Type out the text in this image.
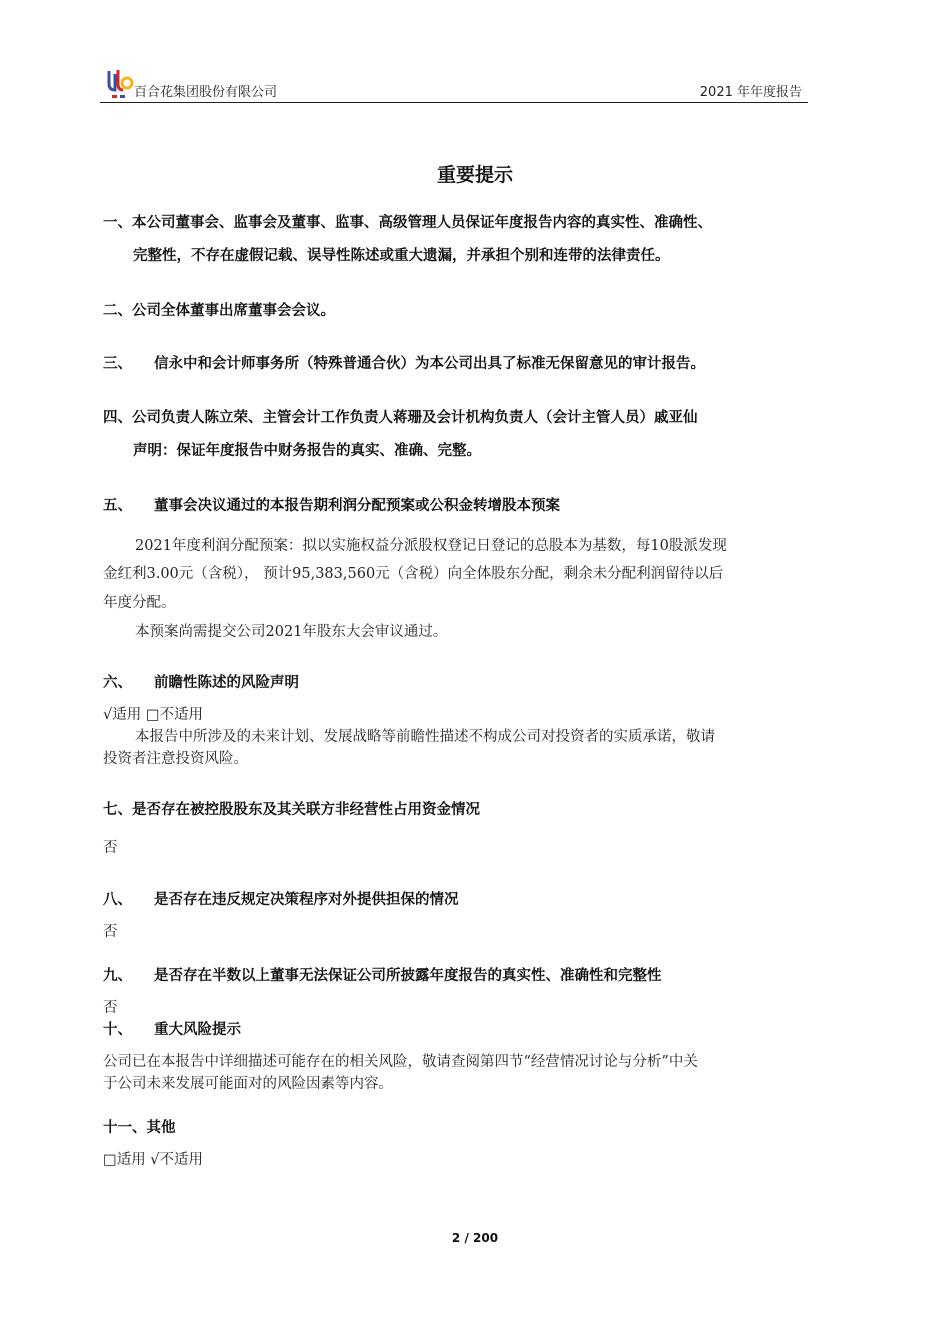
百合花集团股份有限公司	2021 年年度报告
重要提示
一、本公司董事会、监事会及董事、监事、高级管理人员保证年度报告内容的真实性、准确性、
完整性，不存在虚假记载、误导性陈述或重大遗漏，并承担个别和连带的法律责任。
二、公司全体董事出席董事会会议。
三、 信永中和会计师事务所（特殊普通合伙）为本公司出具了标准无保留意见的审计报告。
四、公司负责人陈立荣、主管会计工作负责人蒋珊及会计机构负责人（会计主管人员）戚亚仙
声明：保证年度报告中财务报告的真实、准确、完整。
五、 董事会决议通过的本报告期利润分配预案或公积金转增股本预案
2021年度利润分配预案：拟以实施权益分派股权登记日登记的总股本为基数，每10股派发现
金红利3.00元（含税）， 预计95,383,560元（含税）向全体股东分配，剩余未分配利润留待以后
年度分配。
本预案尚需提交公司2021年股东大会审议通过。
六、 前瞻性陈述的风险声明
√适用 □不适用
本报告中所涉及的未来计划、发展战略等前瞻性描述不构成公司对投资者的实质承诺，敬请
投资者注意投资风险。
七、是否存在被控股股东及其关联方非经营性占用资金情况
否
八、 是否存在违反规定决策程序对外提供担保的情况
否
九、 是否存在半数以上董事无法保证公司所披露年度报告的真实性、准确性和完整性
否
十、 重大风险提示
公司已在本报告中详细描述可能存在的相关风险，敬请查阅第四节“经营情况讨论与分析”中关
于公司未来发展可能面对的风险因素等内容。
十一、其他
□适用 √不适用
2 / 200
